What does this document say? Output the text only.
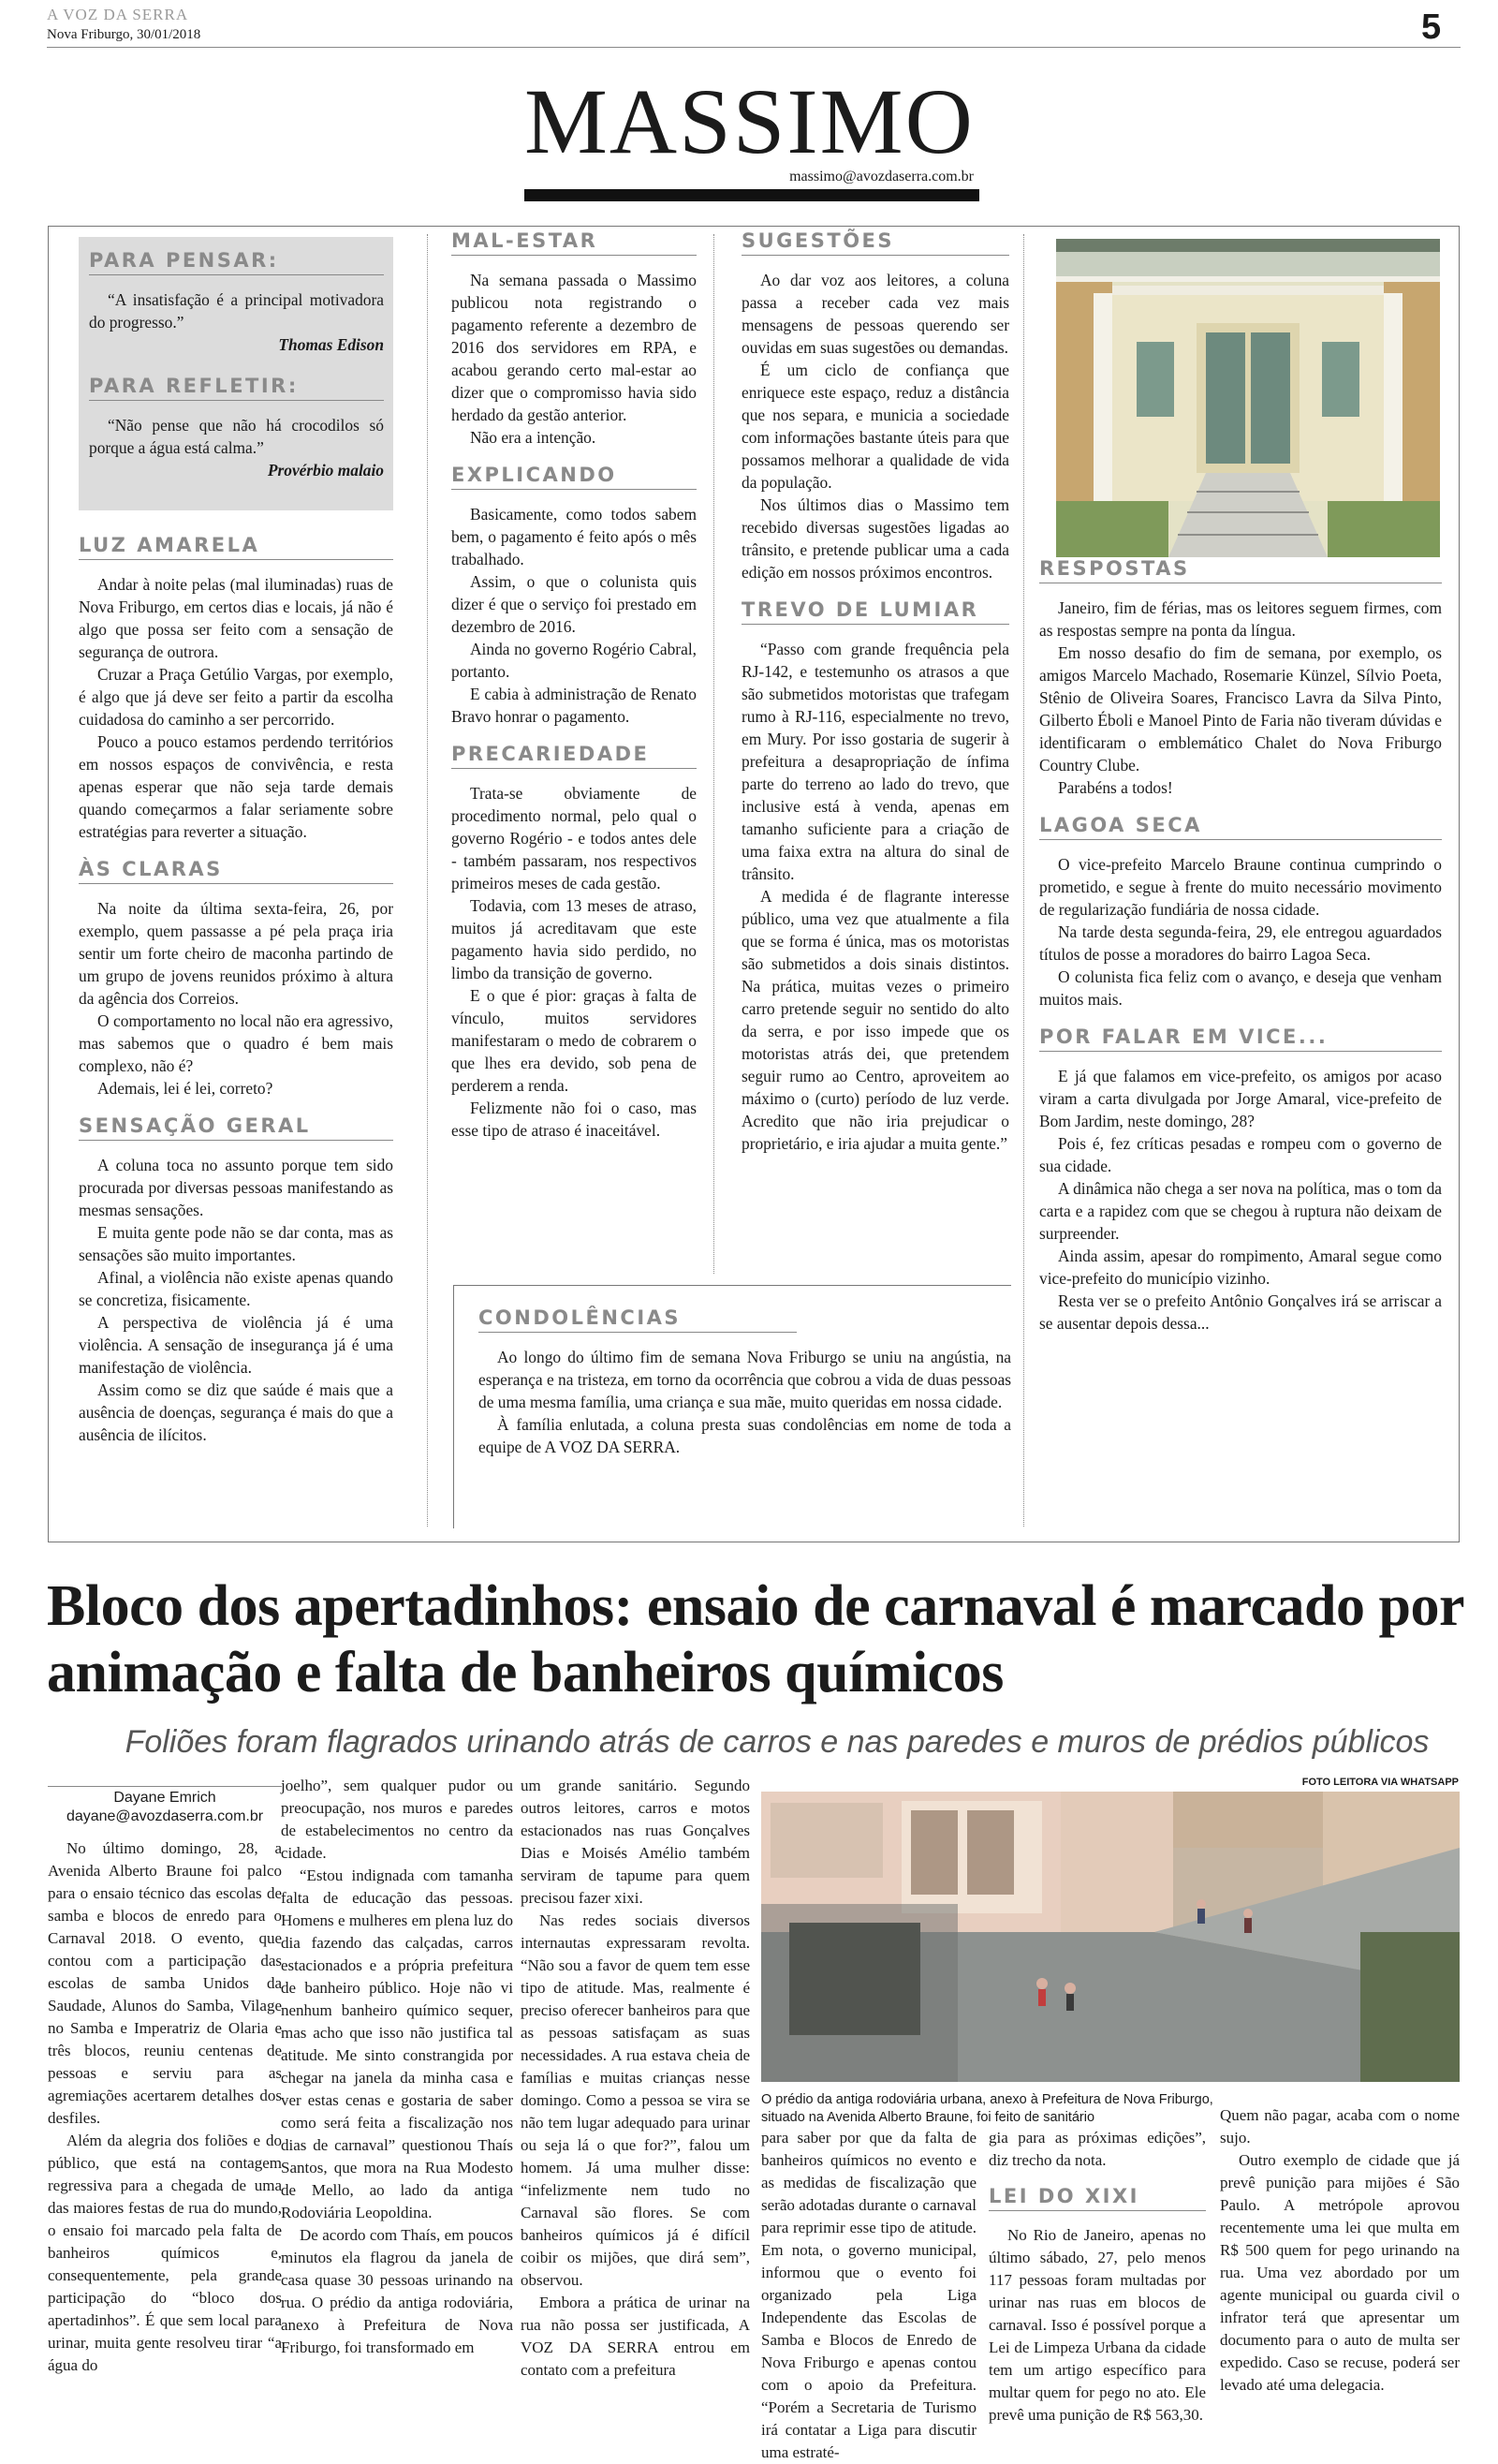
A VOZ DA SERRA
Nova Friburgo, 30/01/2018	5
MASSIMO
massimo@avozdaserra.com.br
PARA PENSAR:

“A insatisfação é a principal motivadora do progresso.”

Thomas Edison
PARA REFLETIR:

“Não pense que não há crocodilos só porque a água está calma.”

Provérbio malaio
LUZ AMARELA

Andar à noite pelas (mal iluminadas) ruas de Nova Friburgo, em certos dias e locais, já não é algo que possa ser feito com a sensação de segurança de outrora.

Cruzar a Praça Getúlio Vargas, por exemplo, é algo que já deve ser feito a partir da escolha cuidadosa do caminho a ser percorrido.

Pouco a pouco estamos perdendo territórios em nossos espaços de convivência, e resta apenas esperar que não seja tarde demais quando começarmos a falar seriamente sobre estratégias para reverter a situação.

ÀS CLARAS

Na noite da última sexta-feira, 26, por exemplo, quem passasse a pé pela praça iria sentir um forte cheiro de maconha partindo de um grupo de jovens reunidos próximo à altura da agência dos Correios.

O comportamento no local não era agressivo, mas sabemos que o quadro é bem mais complexo, não é?

Ademais, lei é lei, correto?

SENSAÇÃO GERAL

A coluna toca no assunto porque tem sido procurada por diversas pessoas manifestando as mesmas sensações.

E muita gente pode não se dar conta, mas as sensações são muito importantes.

Afinal, a violência não existe apenas quando se concretiza, fisicamente.

A perspectiva de violência já é uma violência. A sensação de insegurança já é uma manifestação de violência.

Assim como se diz que saúde é mais que a ausência de doenças, segurança é mais do que a ausência de ilícitos.

MAL-ESTAR

Na semana passada o Massimo publicou nota registrando o pagamento referente a dezembro de 2016 dos servidores em RPA, e acabou gerando certo mal-estar ao dizer que o compromisso havia sido herdado da gestão anterior.

Não era a intenção.

EXPLICANDO

Basicamente, como todos sabem bem, o pagamento é feito após o mês trabalhado.

Assim, o que o colunista quis dizer é que o serviço foi prestado em dezembro de 2016.

Ainda no governo Rogério Cabral, portanto.

E cabia à administração de Renato Bravo honrar o pagamento.

PRECARIEDADE

Trata-se obviamente de procedimento normal, pelo qual o governo Rogério - e todos antes dele - também passaram, nos respectivos primeiros meses de cada gestão.

Todavia, com 13 meses de atraso, muitos já acreditavam que este pagamento havia sido perdido, no limbo da transição de governo.

E o que é pior: graças à falta de vínculo, muitos servidores manifestaram o medo de cobrarem o que lhes era devido, sob pena de perderem a renda.

Felizmente não foi o caso, mas esse tipo de atraso é inaceitável.

SUGESTÕES

Ao dar voz aos leitores, a coluna passa a receber cada vez mais mensagens de pessoas querendo ser ouvidas em suas sugestões ou demandas.

É um ciclo de confiança que enriquece este espaço, reduz a distância que nos separa, e municia a sociedade com informações bastante úteis para que possamos melhorar a qualidade de vida da população.

Nos últimos dias o Massimo tem recebido diversas sugestões ligadas ao trânsito, e pretende publicar uma a cada edição em nossos próximos encontros.

TREVO DE LUMIAR

“Passo com grande frequência pela RJ-142, e testemunho os atrasos a que são submetidos motoristas que trafegam rumo à RJ-116, especialmente no trevo, em Mury. Por isso gostaria de sugerir à prefeitura a desapropriação de ínfima parte do terreno ao lado do trevo, que inclusive está à venda, apenas em tamanho suficiente para a criação de uma faixa extra na altura do sinal de trânsito.

A medida é de flagrante interesse público, uma vez que atualmente a fila que se forma é única, mas os motoristas são submetidos a dois sinais distintos. Na prática, muitas vezes o primeiro carro pretende seguir no sentido do alto da serra, e por isso impede que os motoristas atrás dei, que pretendem seguir rumo ao Centro, aproveitem ao máximo o (curto) período de luz verde. Acredito que não iria prejudicar o proprietário, e iria ajudar a muita gente.”

CONDOLÊNCIAS

Ao longo do último fim de semana Nova Friburgo se uniu na angústia, na esperança e na tristeza, em torno da ocorrência que cobrou a vida de duas pessoas de uma mesma família, uma criança e sua mãe, muito queridas em nossa cidade.

À família enlutada, a coluna presta suas condolências em nome de toda a equipe de A VOZ DA SERRA.

RESPOSTAS

Janeiro, fim de férias, mas os leitores seguem firmes, com as respostas sempre na ponta da língua.

Em nosso desafio do fim de semana, por exemplo, os amigos Marcelo Machado, Rosemarie Künzel, Sílvio Poeta, Stênio de Oliveira Soares, Francisco Lavra da Silva Pinto, Gilberto Éboli e Manoel Pinto de Faria não tiveram dúvidas e identificaram o emblemático Chalet do Nova Friburgo Country Clube.

Parabéns a todos!

LAGOA SECA

O vice-prefeito Marcelo Braune continua cumprindo o prometido, e segue à frente do muito necessário movimento de regularização fundiária de nossa cidade.

Na tarde desta segunda-feira, 29, ele entregou aguardados títulos de posse a moradores do bairro Lagoa Seca.

O colunista fica feliz com o avanço, e deseja que venham muitos mais.

POR FALAR EM VICE...

E já que falamos em vice-prefeito, os amigos por acaso viram a carta divulgada por Jorge Amaral, vice-prefeito de Bom Jardim, neste domingo, 28?

Pois é, fez críticas pesadas e rompeu com o governo de sua cidade.

A dinâmica não chega a ser nova na política, mas o tom da carta e a rapidez com que se chegou à ruptura não deixam de surpreender.

Ainda assim, apesar do rompimento, Amaral segue como vice-prefeito do município vizinho.

Resta ver se o prefeito Antônio Gonçalves irá se arriscar a se ausentar depois dessa...

Bloco dos apertadinhos: ensaio de carnaval é marcado por animação e falta de banheiros químicos
Foliões foram flagrados urinando atrás de carros e nas paredes e muros de prédios públicos
Dayane Emrich
dayane@avozdaserra.com.br

No último domingo, 28, a Avenida Alberto Braune foi palco para o ensaio técnico das escolas de samba e blocos de enredo para o Carnaval 2018. O evento, que contou com a participação das escolas de samba Unidos da Saudade, Alunos do Samba, Vilage no Samba e Imperatriz de Olaria e três blocos, reuniu centenas de pessoas e serviu para as agremiações acertarem detalhes dos desfiles.

Além da alegria dos foliões e do público, que está na contagem regressiva para a chegada de uma das maiores festas de rua do mundo, o ensaio foi marcado pela falta de banheiros químicos e, consequentemente, pela grande participação do “bloco dos apertadinhos”. É que sem local para urinar, muita gente resolveu tirar “a água do

joelho”, sem qualquer pudor ou preocupação, nos muros e paredes de estabelecimentos no centro da cidade.

“Estou indignada com tamanha falta de educação das pessoas. Homens e mulheres em plena luz do dia fazendo das calçadas, carros estacionados e a própria prefeitura de banheiro público. Hoje não vi nenhum banheiro químico sequer, mas acho que isso não justifica tal atitude. Me sinto constrangida por chegar na janela da minha casa e ver estas cenas e gostaria de saber como será feita a fiscalização nos dias de carnaval” questionou Thaís Santos, que mora na Rua Modesto de Mello, ao lado da antiga Rodoviária Leopoldina.

De acordo com Thaís, em poucos minutos ela flagrou da janela de casa quase 30 pessoas urinando na rua. O prédio da antiga rodoviária, anexo à Prefeitura de Nova Friburgo, foi transformado em

um grande sanitário. Segundo outros leitores, carros e motos estacionados nas ruas Gonçalves Dias e Moisés Amélio também serviram de tapume para quem precisou fazer xixi.

Nas redes sociais diversos internautas expressaram revolta. “Não sou a favor de quem tem esse tipo de atitude. Mas, realmente é preciso oferecer banheiros para que as pessoas satisfaçam as suas necessidades. A rua estava cheia de famílias e muitas crianças nesse domingo. Como a pessoa se vira se não tem lugar adequado para urinar ou seja lá o que for?”, falou um homem. Já uma mulher disse: “infelizmente nem tudo no Carnaval são flores. Se com banheiros químicos já é difícil coibir os mijões, que dirá sem”, observou.

Embora a prática de urinar na rua não possa ser justificada, A VOZ DA SERRA entrou em contato com a prefeitura

FOTO LEITORA VIA WHATSAPP
O prédio da antiga rodoviária urbana, anexo à Prefeitura de Nova Friburgo, situado na Avenida Alberto Braune, foi feito de sanitário

para saber por que da falta de banheiros químicos no evento e as medidas de fiscalização que serão adotadas durante o carnaval para reprimir esse tipo de atitude. Em nota, o governo municipal, informou que o evento foi organizado pela Liga Independente das Escolas de Samba e Blocos de Enredo de Nova Friburgo e apenas contou com o apoio da Prefeitura. “Porém a Secretaria de Turismo irá contatar a Liga para discutir uma estraté-

gia para as próximas edições”, diz trecho da nota.

LEI DO XIXI

No Rio de Janeiro, apenas no último sábado, 27, pelo menos 117 pessoas foram multadas por urinar nas ruas em blocos de carnaval. Isso é possível porque a Lei de Limpeza Urbana da cidade tem um artigo específico para multar quem for pego no ato. Ele prevê uma punição de R$ 563,30.

Quem não pagar, acaba com o nome sujo.

Outro exemplo de cidade que já prevê punição para mijões é São Paulo. A metrópole aprovou recentemente uma lei que multa em R$ 500 quem for pego urinando na rua. Uma vez abordado por um agente municipal ou guarda civil o infrator terá que apresentar um documento para o auto de multa ser expedido. Caso se recuse, poderá ser levado até uma delegacia.
